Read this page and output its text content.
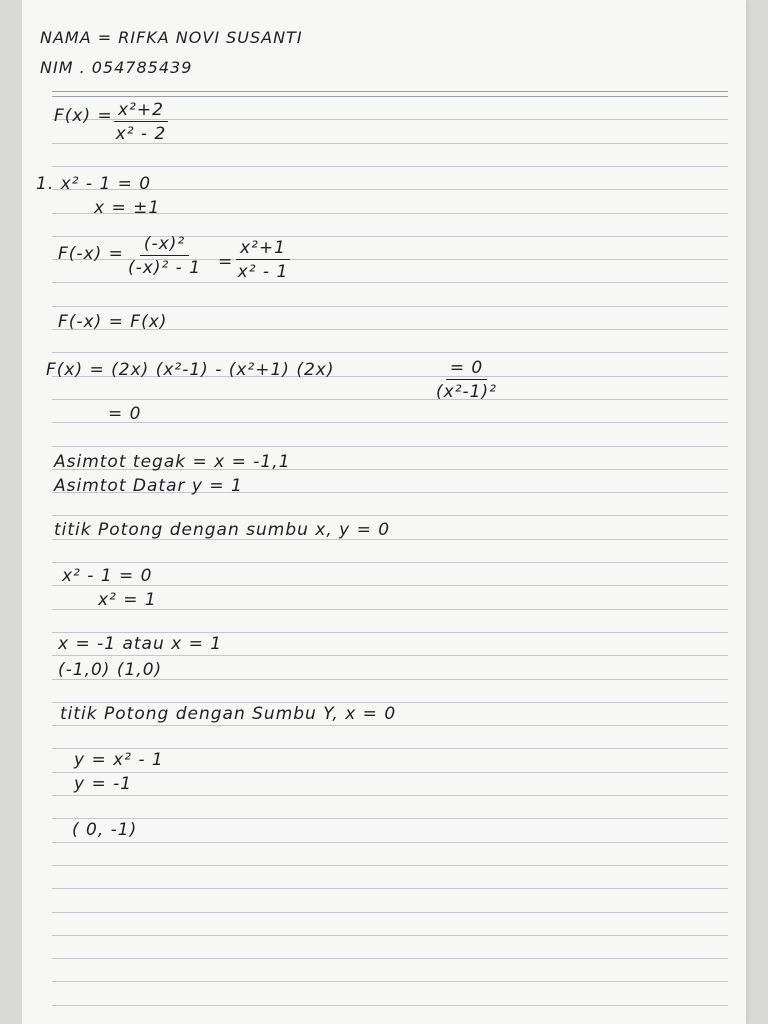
NAMA = RIFKA NOVI SUSANTI
NIM . 054785439
$F(x) = \frac{\text{x²+2}}{\text{x² - 2}}$
1. x² - 1 = 0
x = ±1
$F(-x) = \frac{\text{(-x)²}}{\text{(-x)² - 1}} = \frac{\text{x²+1}}{\text{x² - 1}}$
F(-x) = F(x)
F(x) = (2x) (x²-1) - (x²+1) (2x)	$\frac{= 0}{\text{(x²-1)²}}$
= 0
Asimtot tegak = x = -1,1
Asimtot Datar y = 1
titik Potong dengan sumbu x, y = 0
x² - 1 = 0
x² = 1
x = -1 atau x = 1
(-1,0) (1,0)
titik Potong dengan Sumbu Y, x = 0
y = x² - 1
y = -1
( 0, -1)
